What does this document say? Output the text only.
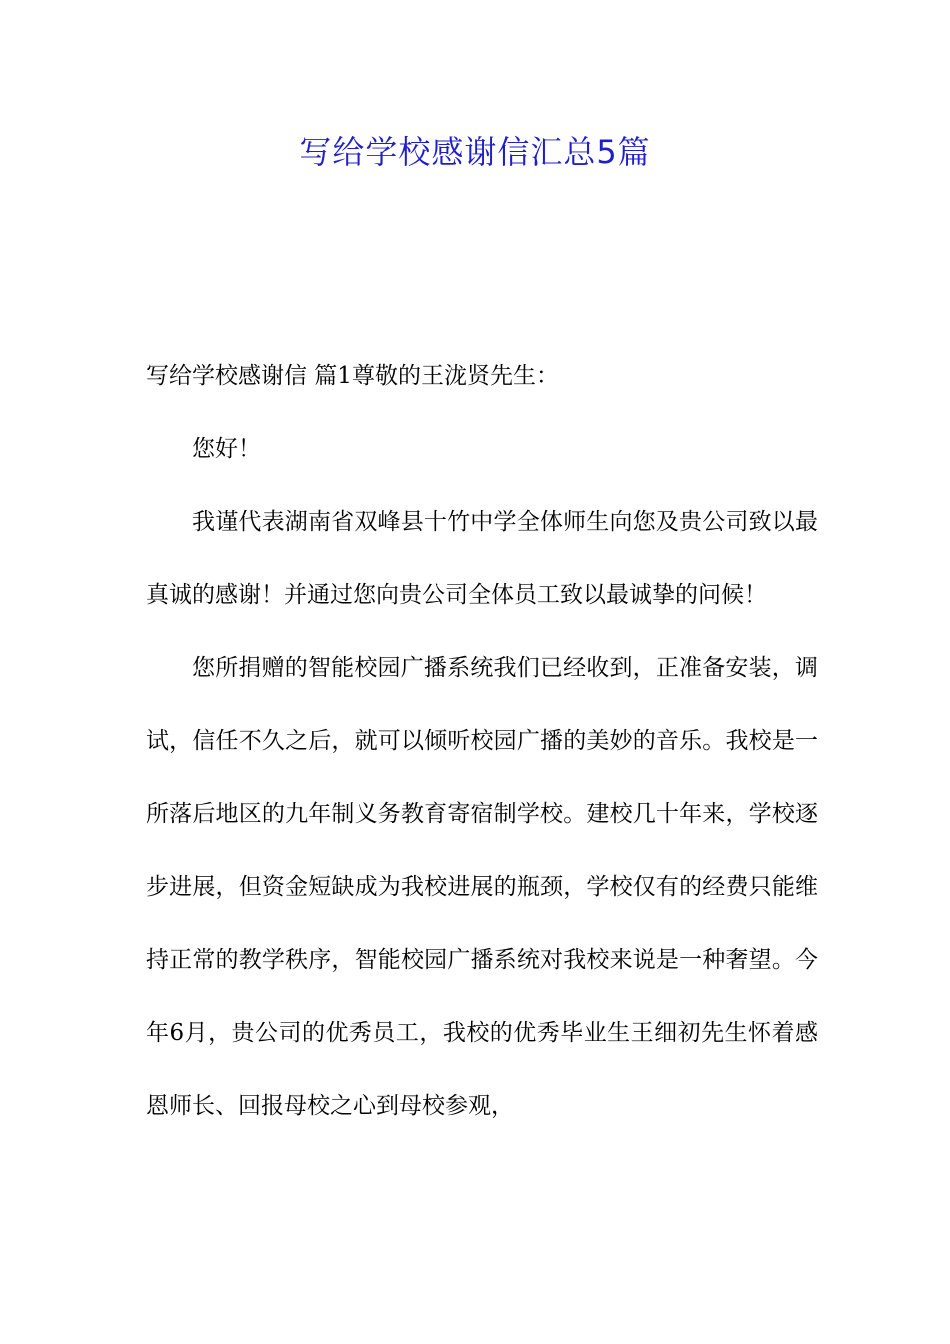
写给学校感谢信汇总5篇

写给学校感谢信 篇1尊敬的王泷贤先生：

您好！

我谨代表湖南省双峰县十竹中学全体师生向您及贵公司致以最真诚的感谢！并通过您向贵公司全体员工致以最诚挚的问候！

您所捐赠的智能校园广播系统我们已经收到，正准备安装，调试，信任不久之后，就可以倾听校园广播的美妙的音乐。我校是一所落后地区的九年制义务教育寄宿制学校。建校几十年来，学校逐步进展，但资金短缺成为我校进展的瓶颈，学校仅有的经费只能维持正常的教学秩序，智能校园广播系统对我校来说是一种奢望。今年6月，贵公司的优秀员工，我校的优秀毕业生王细初先生怀着感恩师长、回报母校之心到母校参观，
